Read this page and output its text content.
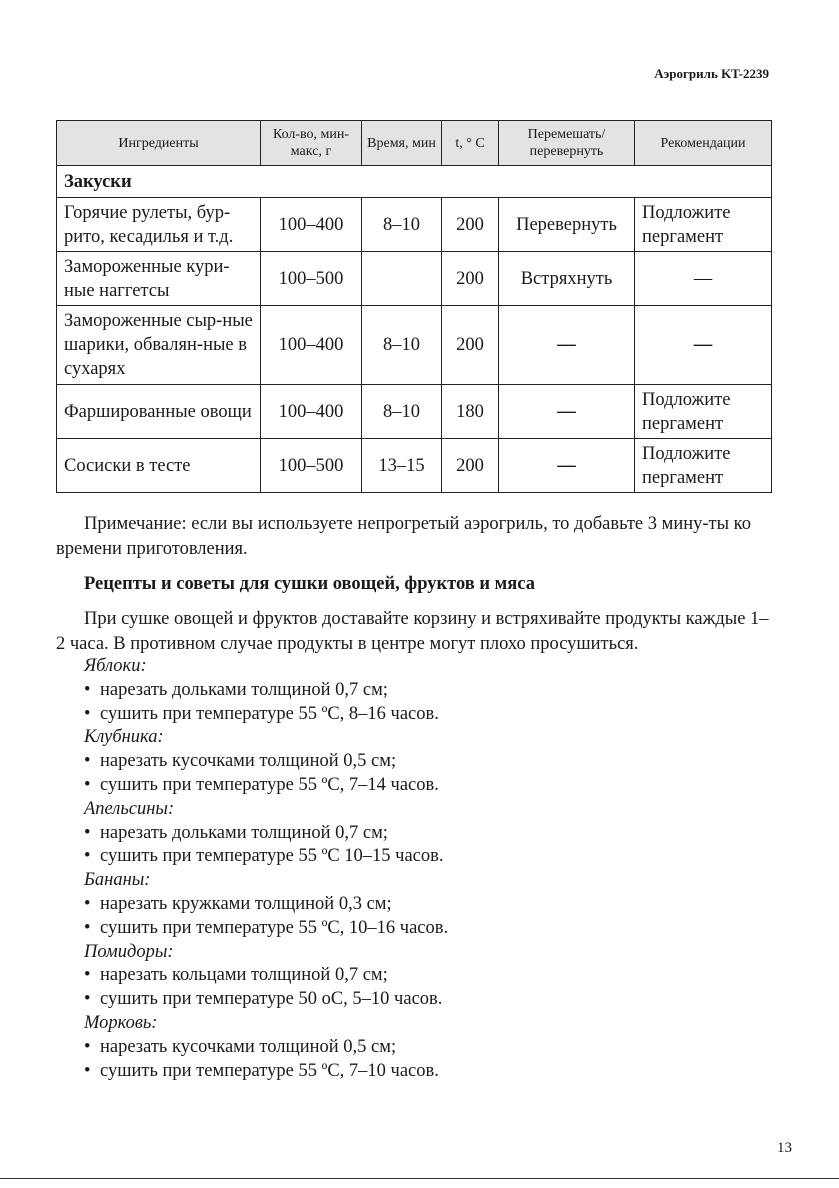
Аэрогриль KT-2239
Ингредиенты	Кол-во, мин-макс, г	Время, мин	t, ° C	Перемешать/ перевернуть	Рекомендации
Закуски					
Горячие рулеты, бур-рито, кесадилья и т.д.	100–400	8–10	200	Перевернуть	Подложите пергамент
Замороженные кури-ные наггетсы	100–500		200	Встряхнуть	—
Замороженные сыр-ные шарики, обвалян-ные в сухарях	100–400	8–10	200	—	—
Фаршированные овощи	100–400	8–10	180	—	Подложите пергамент
Сосиски в тесте	100–500	13–15	200	—	Подложите пергамент
Примечание: если вы используете непрогретый аэрогриль, то добавьте 3 мину-ты ко времени приготовления.
Рецепты и советы для сушки овощей, фруктов и мяса
При сушке овощей и фруктов доставайте корзину и встряхивайте продукты каждые 1–2 часа. В противном случае продукты в центре могут плохо просушиться.
Яблоки:
• нарезать дольками толщиной 0,7 см;
• сушить при температуре 55 ºС, 8–16 часов.
Клубника:
• нарезать кусочками толщиной 0,5 см;
• сушить при температуре 55 ºС, 7–14 часов.
Апельсины:
• нарезать дольками толщиной 0,7 см;
• сушить при температуре 55 ºС 10–15 часов.
Бананы:
• нарезать кружками толщиной 0,3 см;
• сушить при температуре 55 ºС, 10–16 часов.
Помидоры:
• нарезать кольцами толщиной 0,7 см;
• сушить при температуре 50 оС, 5–10 часов.
Морковь:
• нарезать кусочками толщиной 0,5 см;
• сушить при температуре 55 ºС, 7–10 часов.
13
